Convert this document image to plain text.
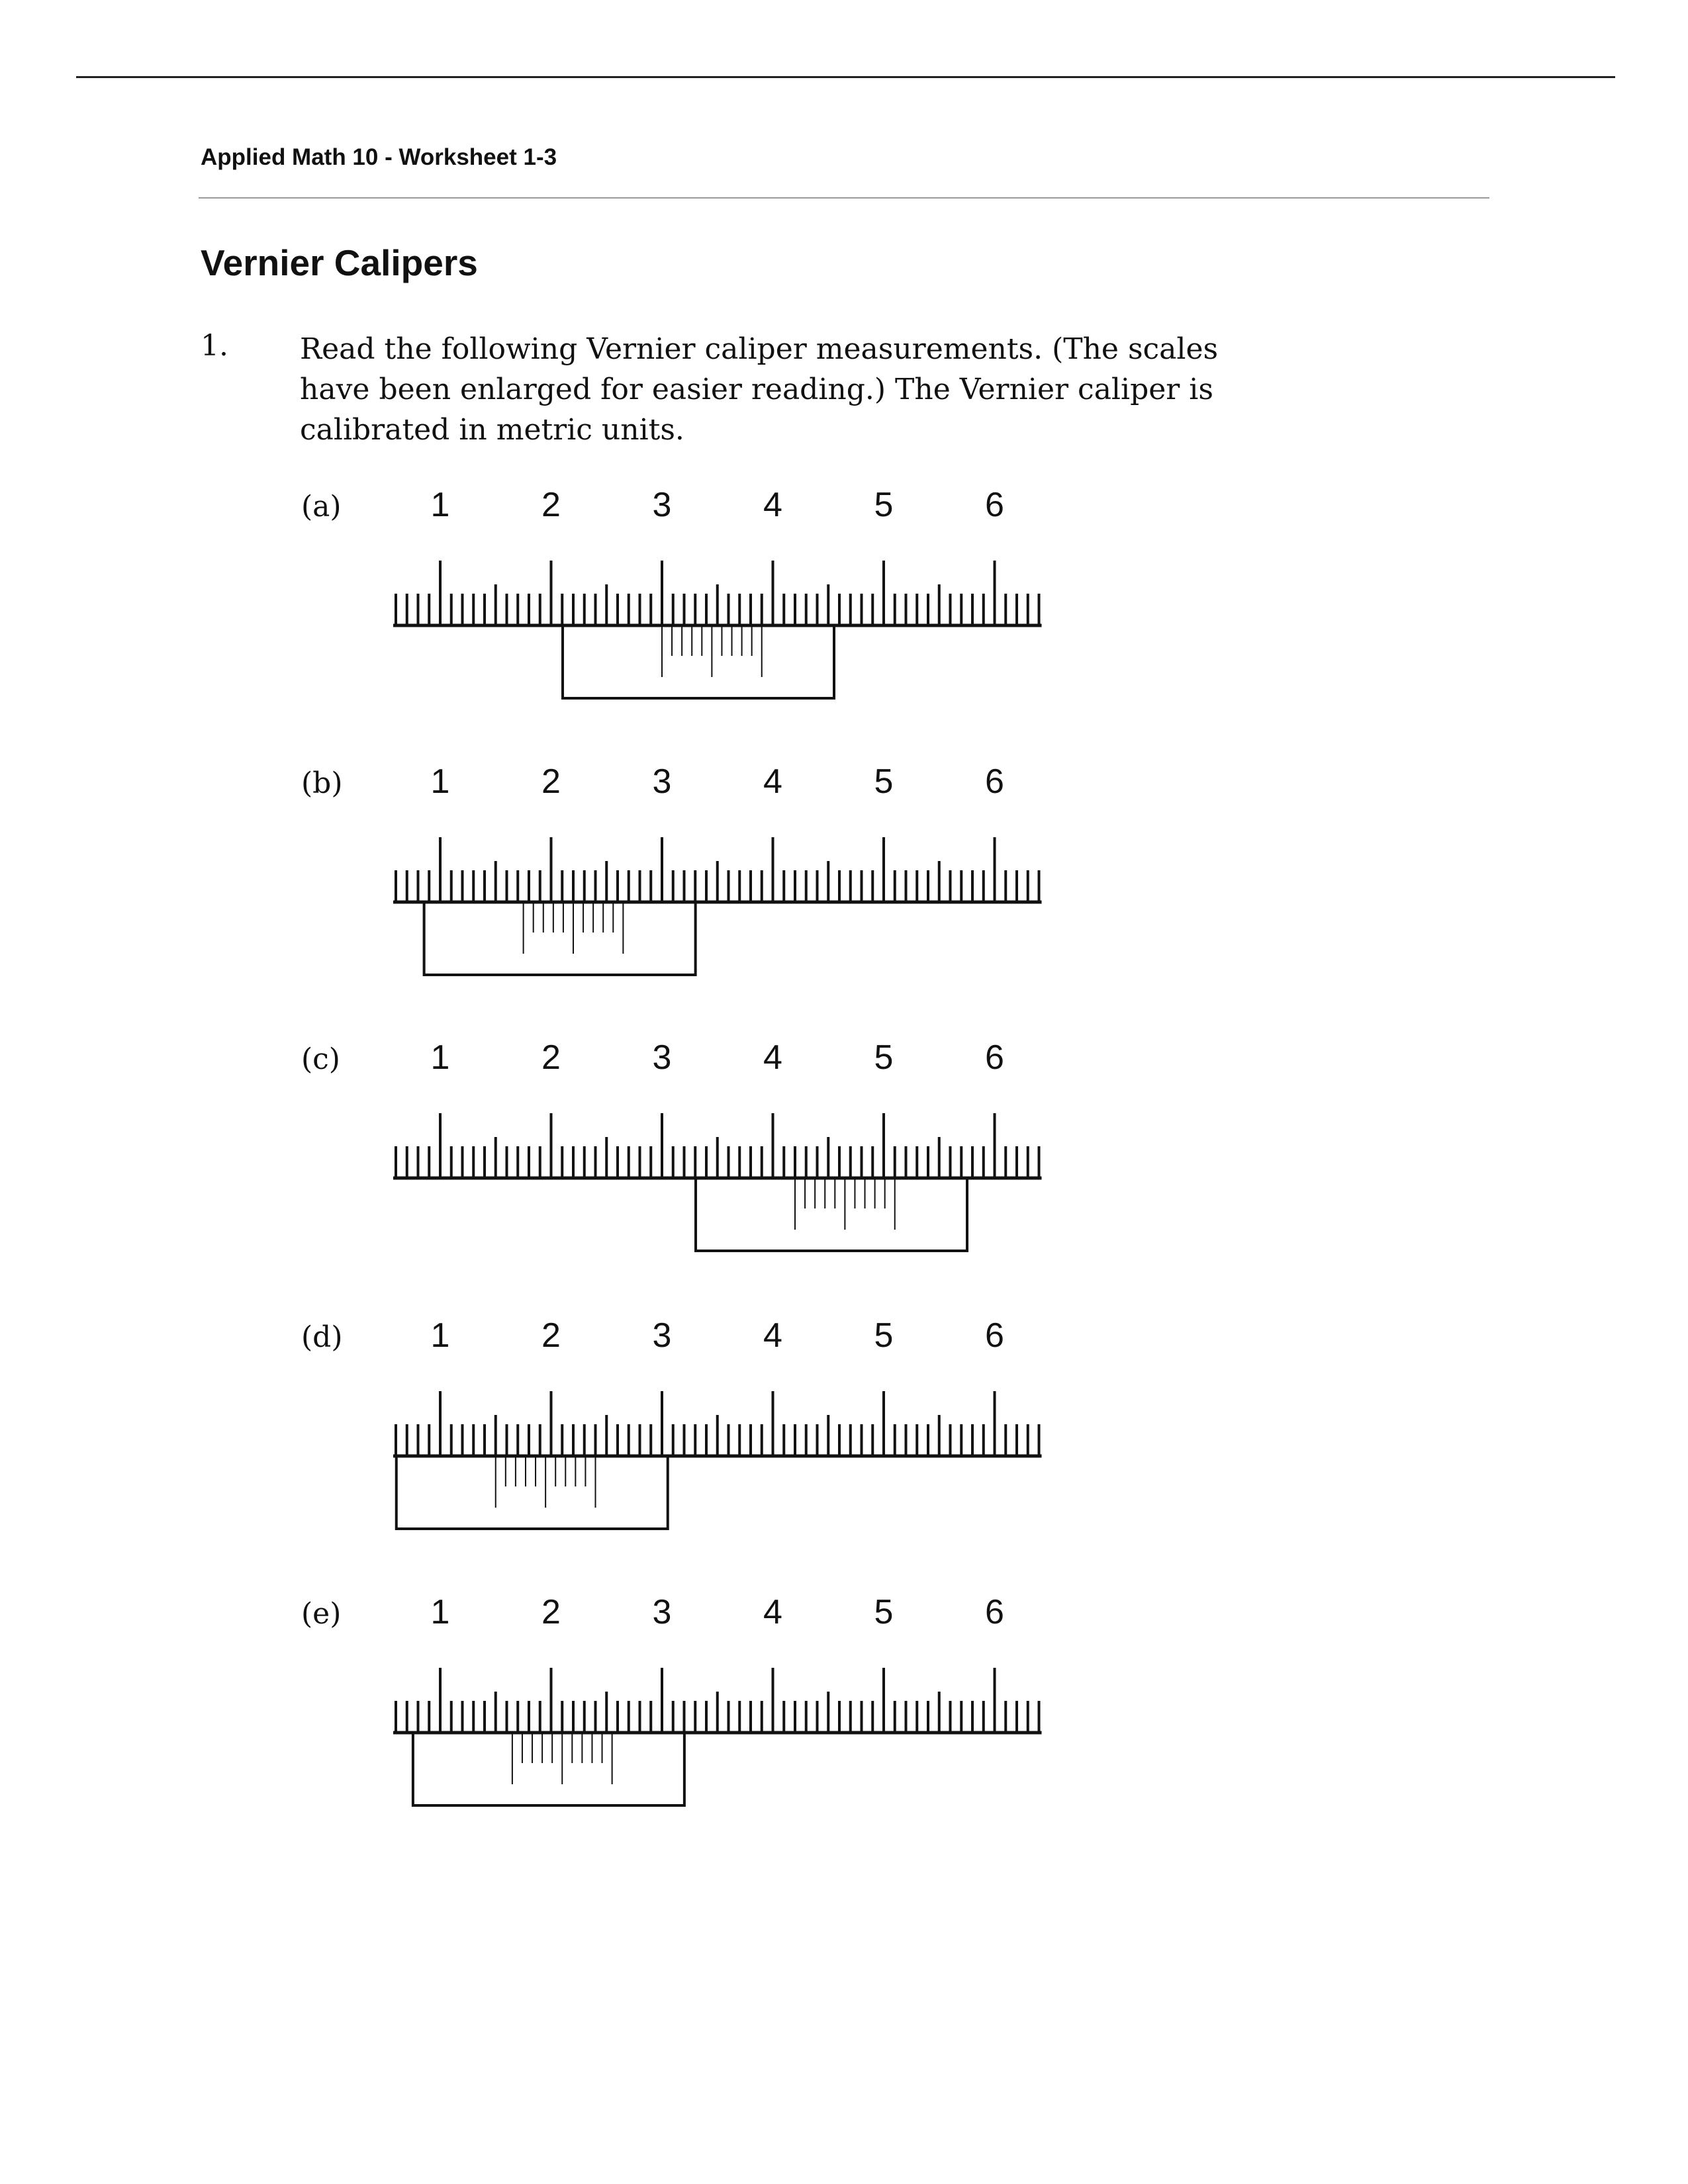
Applied Math 10 - Worksheet 1-3
Vernier Calipers
1. Read the following Vernier caliper measurements. (The scales have been enlarged for easier reading.) The Vernier caliper is calibrated in metric units.
(a)	1	2	3	4	5	6
(b)	1	2	3	4	5	6
(c)	1	2	3	4	5	6
(d)	1	2	3	4	5	6
(e)	1	2	3	4	5	6
